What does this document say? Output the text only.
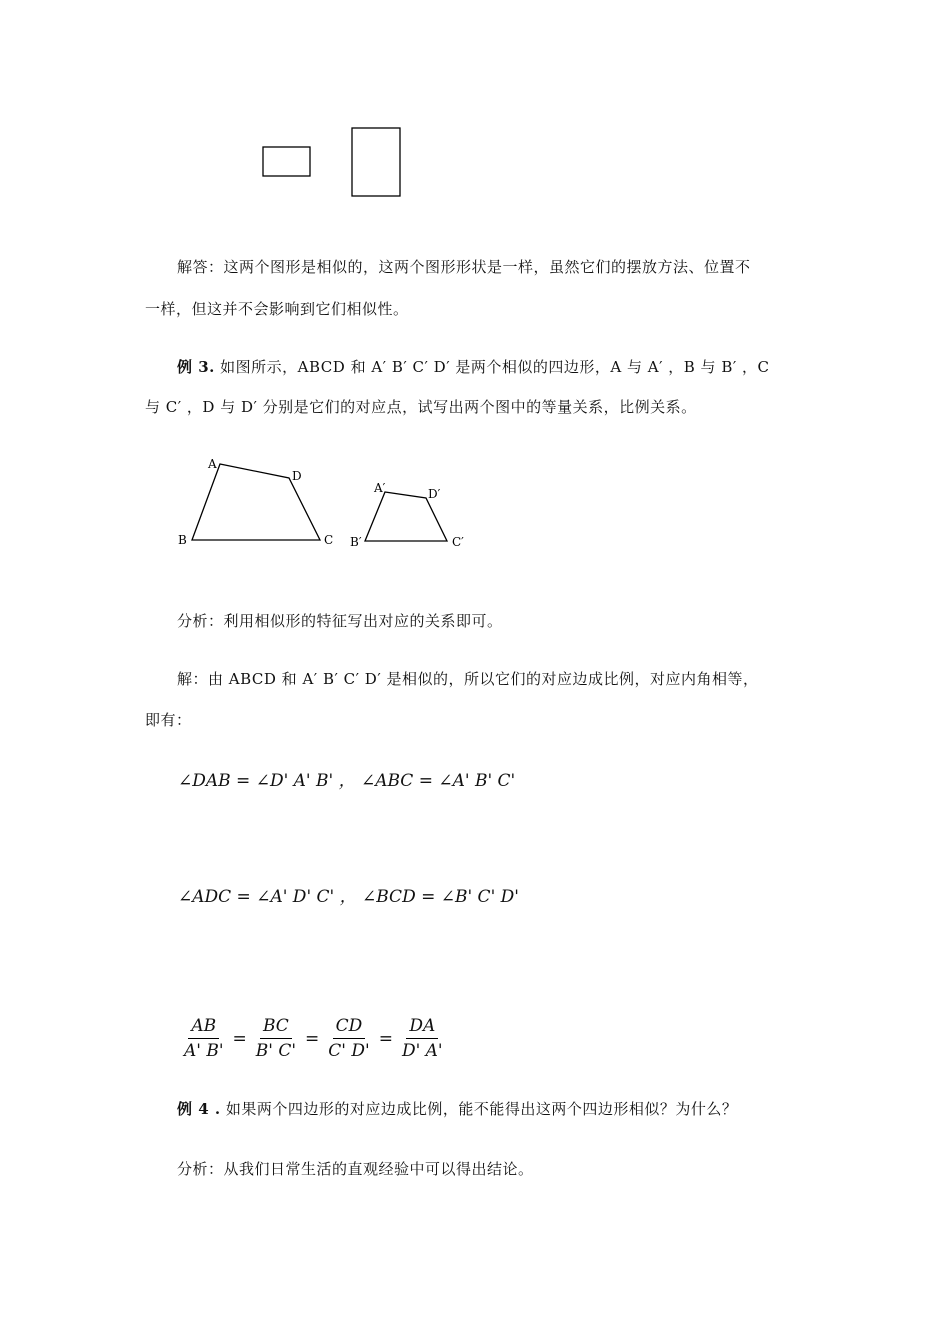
解答：这两个图形是相似的，这两个图形形状是一样，虽然它们的摆放方法、位置不
一样，但这并不会影响到它们相似性。
例 3. 如图所示，ABCD 和 A′ B′ C′ D′ 是两个相似的四边形，A 与 A′ ，B 与 B′ ，C
与 C′ ，D 与 D′ 分别是它们的对应点，试写出两个图中的等量关系，比例关系。
A
D
B	C
A′	D′
B′	C′
分析：利用相似形的特征写出对应的关系即可。
解：由 ABCD 和 A′ B′ C′ D′ 是相似的，所以它们的对应边成比例，对应内角相等，
即有：
∠DAB = ∠D' A' B' ， ∠ABC = ∠A' B' C'
∠ADC = ∠A' D' C' ， ∠BCD = ∠B' C' D'
$\frac{AB}{A' B'} = \frac{BC}{B' C'} = \frac{CD}{C' D'} = \frac{DA}{D' A'}$
例 4 . 如果两个四边形的对应边成比例，能不能得出这两个四边形相似？为什么？
分析：从我们日常生活的直观经验中可以得出结论。
